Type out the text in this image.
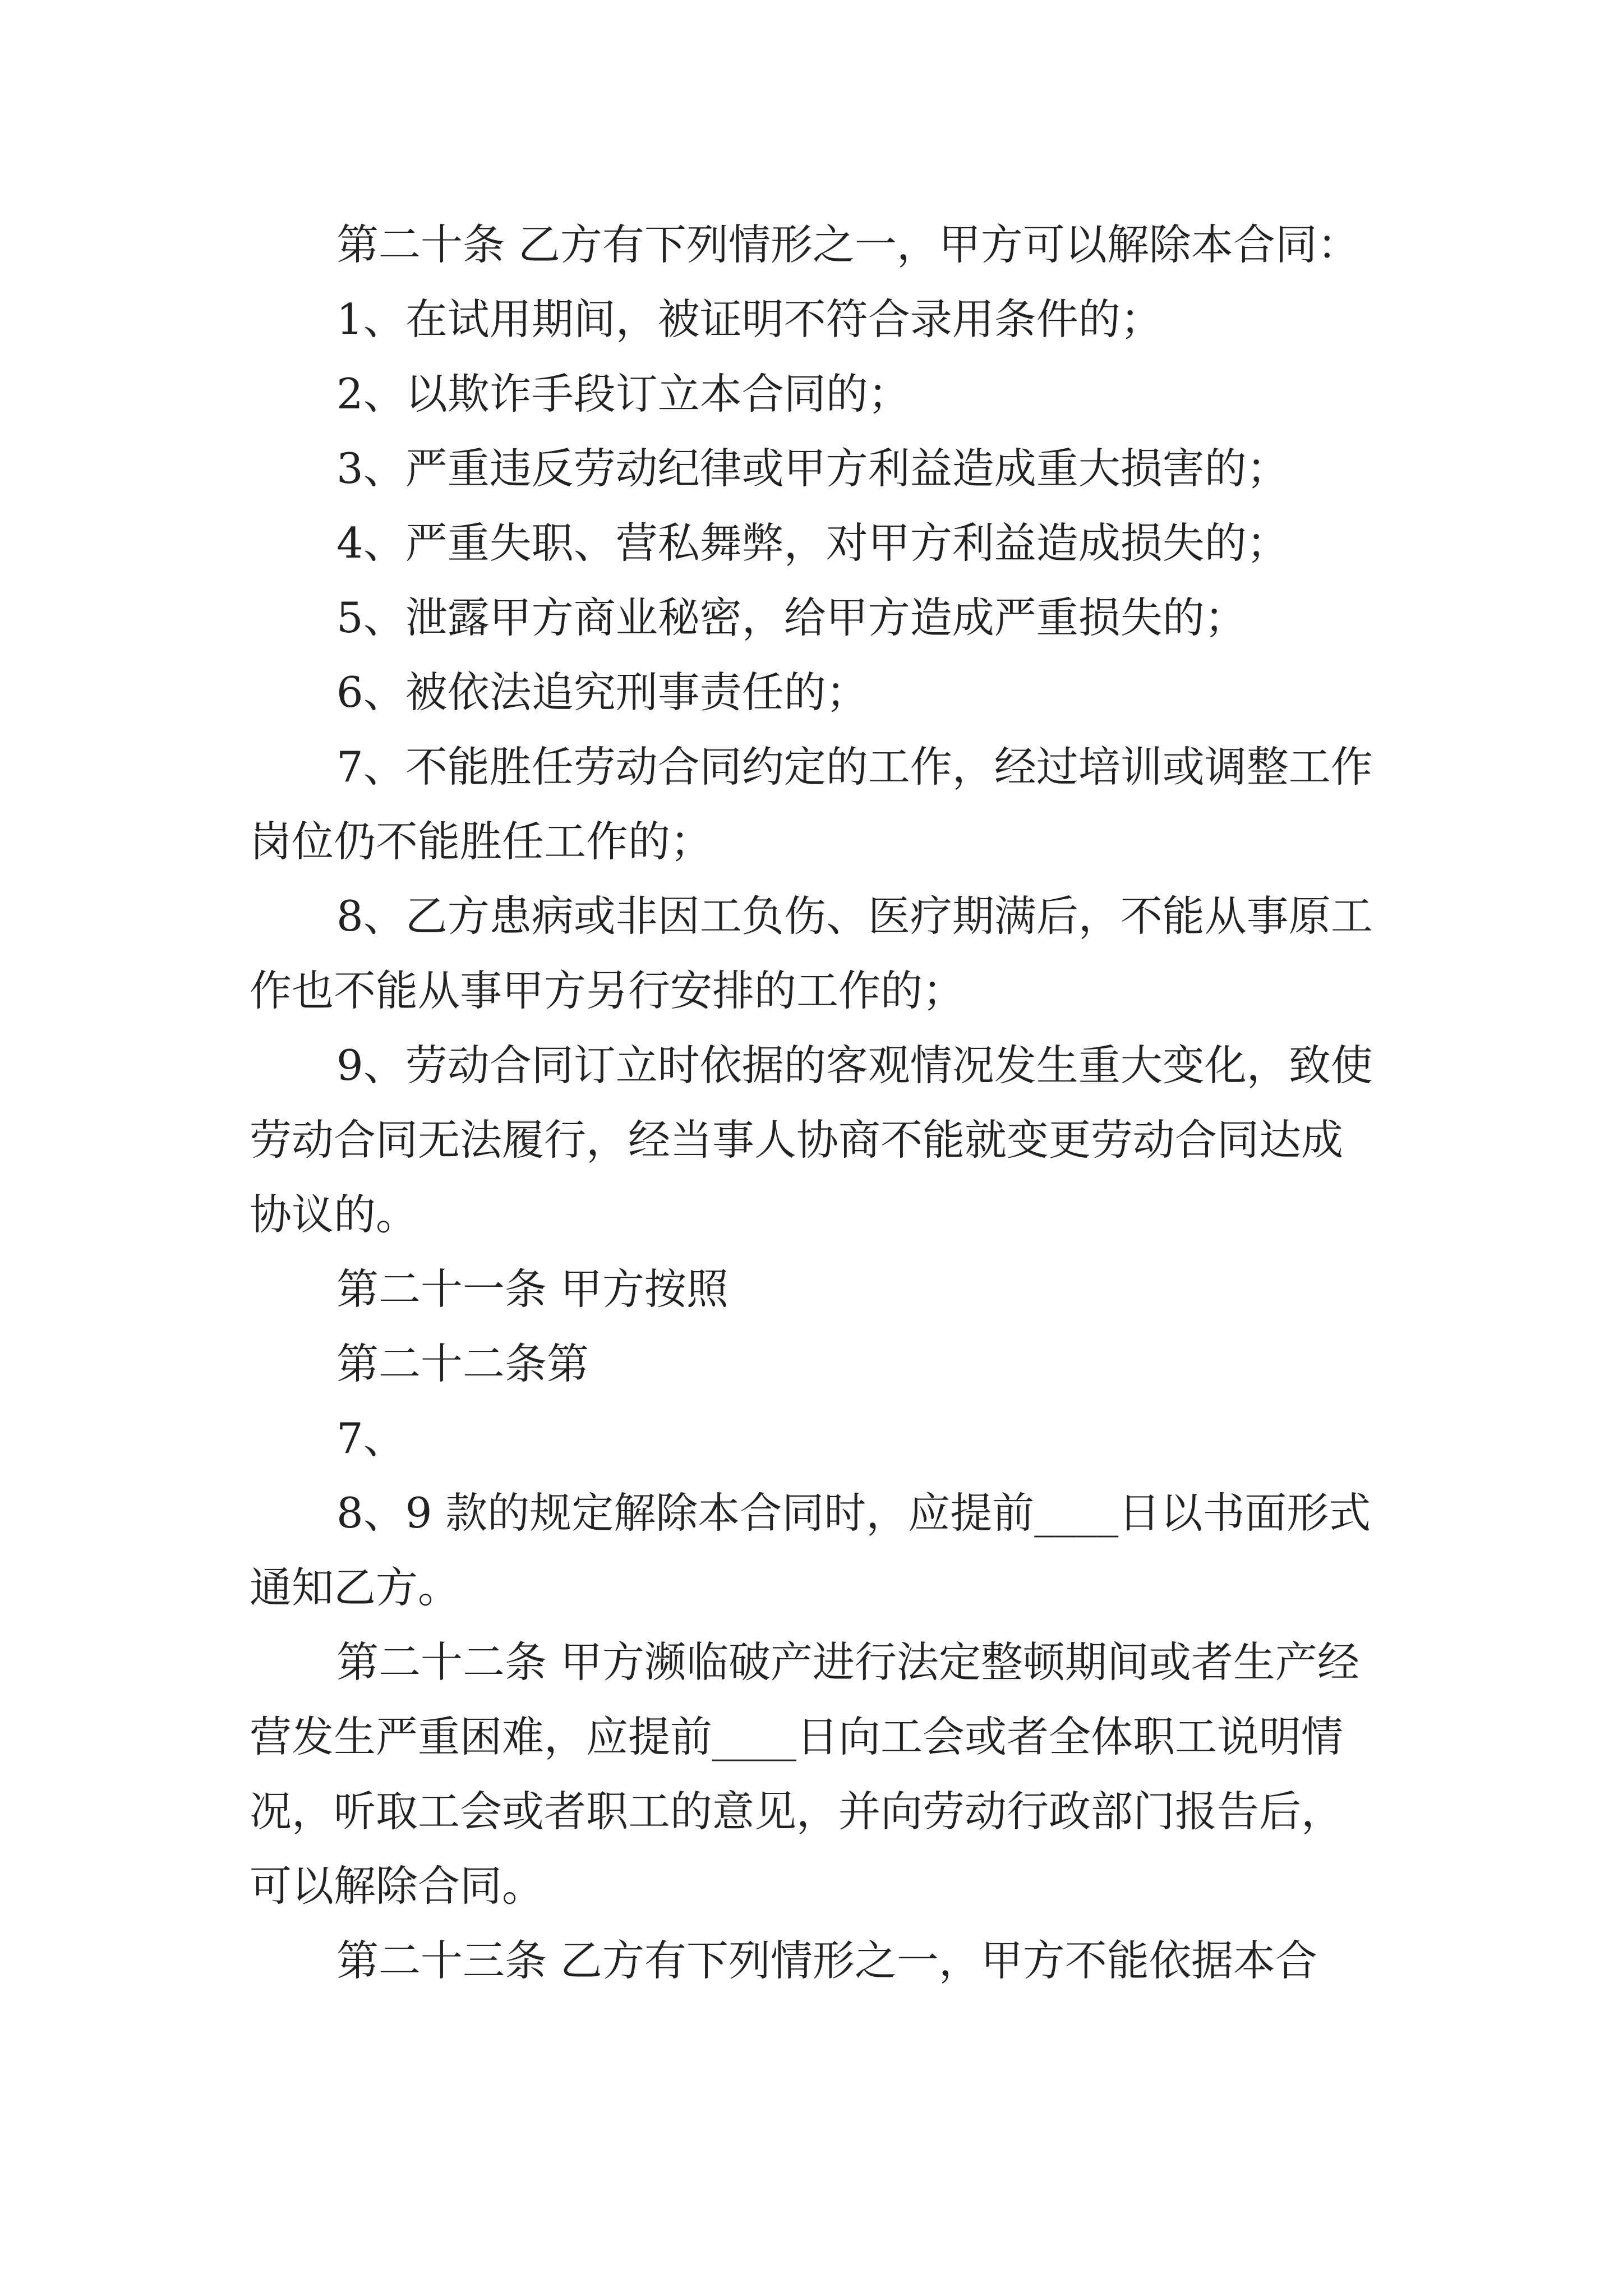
第二十条 乙方有下列情形之一，甲方可以解除本合同：

1、在试用期间，被证明不符合录用条件的；

2、以欺诈手段订立本合同的；

3、严重违反劳动纪律或甲方利益造成重大损害的；

4、严重失职、营私舞弊，对甲方利益造成损失的；

5、泄露甲方商业秘密，给甲方造成严重损失的；

6、被依法追究刑事责任的；

7、不能胜任劳动合同约定的工作，经过培训或调整工作岗位仍不能胜任工作的；

8、乙方患病或非因工负伤、医疗期满后，不能从事原工作也不能从事甲方另行安排的工作的；

9、劳动合同订立时依据的客观情况发生重大变化，致使劳动合同无法履行，经当事人协商不能就变更劳动合同达成协议的。

第二十一条 甲方按照

第二十二条第

7、

8、9 款的规定解除本合同时，应提前____日以书面形式通知乙方。

第二十二条 甲方濒临破产进行法定整顿期间或者生产经营发生严重困难，应提前____日向工会或者全体职工说明情况，听取工会或者职工的意见，并向劳动行政部门报告后，可以解除合同。

第二十三条 乙方有下列情形之一，甲方不能依据本合
